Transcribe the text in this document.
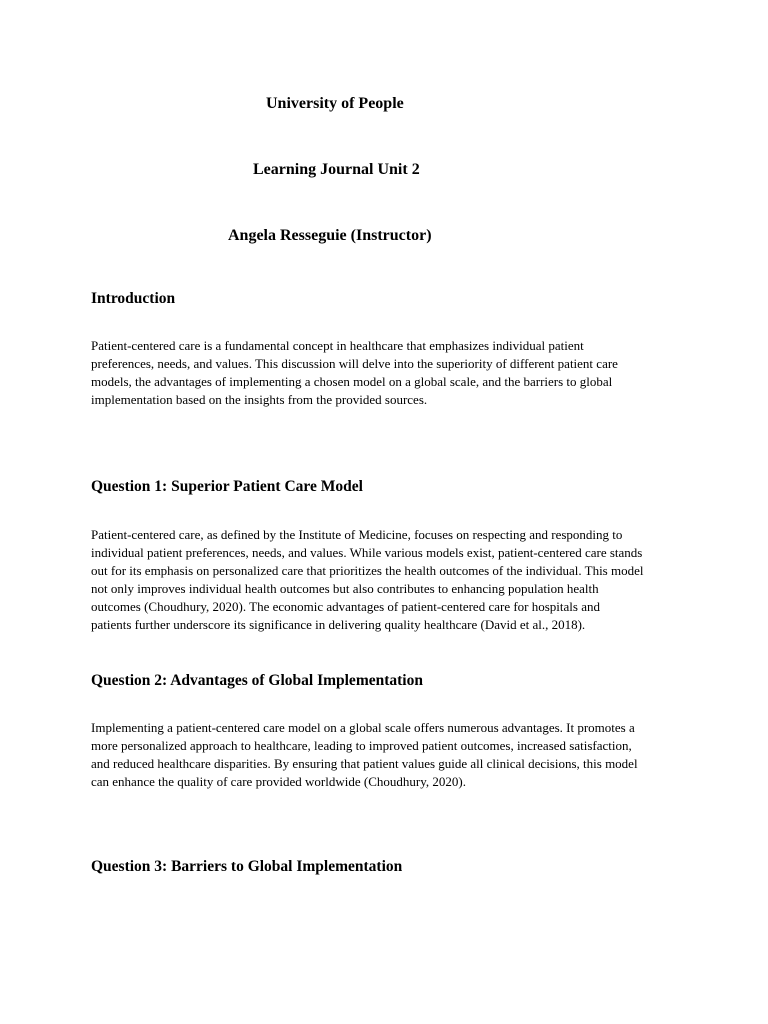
University of People
Learning Journal Unit 2
Angela Resseguie (Instructor)
Introduction
Patient-centered care is a fundamental concept in healthcare that emphasizes individual patient
preferences, needs, and values. This discussion will delve into the superiority of different patient care
models, the advantages of implementing a chosen model on a global scale, and the barriers to global
implementation based on the insights from the provided sources.
Question 1: Superior Patient Care Model
Patient-centered care, as defined by the Institute of Medicine, focuses on respecting and responding to
individual patient preferences, needs, and values. While various models exist, patient-centered care stands
out for its emphasis on personalized care that prioritizes the health outcomes of the individual. This model
not only improves individual health outcomes but also contributes to enhancing population health
outcomes (Choudhury, 2020). The economic advantages of patient-centered care for hospitals and
patients further underscore its significance in delivering quality healthcare (David et al., 2018).
Question 2: Advantages of Global Implementation
Implementing a patient-centered care model on a global scale offers numerous advantages. It promotes a
more personalized approach to healthcare, leading to improved patient outcomes, increased satisfaction,
and reduced healthcare disparities. By ensuring that patient values guide all clinical decisions, this model
can enhance the quality of care provided worldwide (Choudhury, 2020).
Question 3: Barriers to Global Implementation
